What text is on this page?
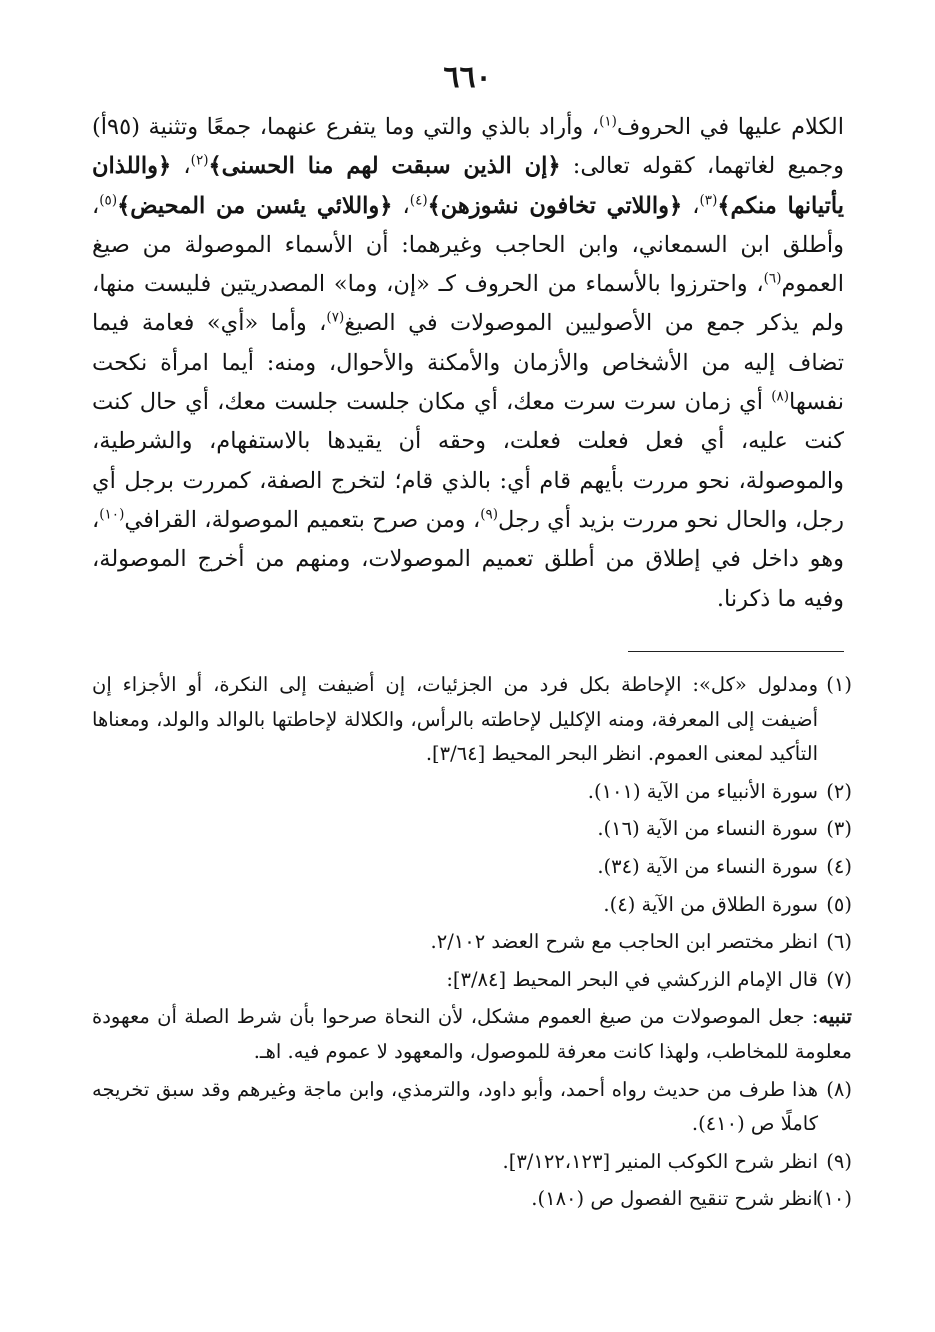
٦٦٠

الكلام عليها في الحروف$^{(١)}$، وأراد بالذي والتي وما يتفرع عنهما، جمعًا وتثنية (٩٥أ) وجميع لغاتهما، كقوله تعالى: ﴿إن الذين سبقت لهم منا الحسنى﴾$^{(٢)}$، ﴿واللذان يأتيانها منكم﴾$^{(٣)}$، ﴿واللاتي تخافون نشوزهن﴾$^{(٤)}$، ﴿واللائي يئسن من المحيض﴾$^{(٥)}$، وأطلق ابن السمعاني، وابن الحاجب وغيرهما: أن الأسماء الموصولة من صيغ العموم$^{(٦)}$، واحترزوا بالأسماء من الحروف كـ «إن، وما» المصدريتين فليست منها، ولم يذكر جمع من الأصوليين الموصولات في الصيغ$^{(٧)}$، وأما «أي» فعامة فيما تضاف إليه من الأشخاص والأزمان والأمكنة والأحوال، ومنه: أيما امرأة نكحت نفسها$^{(٨)}$ أي زمان سرت سرت معك، أي مكان جلست جلست معك، أي حال كنت كنت عليه، أي فعل فعلت فعلت، وحقه أن يقيدها بالاستفهام، والشرطية، والموصولة، نحو مررت بأيهم قام أي: بالذي قام؛ لتخرج الصفة، كمررت برجل أي رجل، والحال نحو مررت بزيد أي رجل$^{(٩)}$، ومن صرح بتعميم الموصولة، القرافي$^{(١٠)}$، وهو داخل في إطلاق من أطلق تعميم الموصولات، ومنهم من أخرج الموصولة، وفيه ما ذكرنا.

(١)ومدلول «كل»: الإحاطة بكل فرد من الجزئيات، إن أضيفت إلى النكرة، أو الأجزاء إن أضيفت إلى المعرفة، ومنه الإكليل لإحاطته بالرأس، والكلالة لإحاطتها بالوالد والولد، ومعناها التأكيد لمعنى العموم. انظر البحر المحيط [٣/٦٤].

(٢)سورة الأنبياء من الآية (١٠١).

(٣)سورة النساء من الآية (١٦).

(٤)سورة النساء من الآية (٣٤).

(٥)سورة الطلاق من الآية (٤).

(٦)انظر مختصر ابن الحاجب مع شرح العضد ٢/١٠٢.

(٧)قال الإمام الزركشي في البحر المحيط [٣/٨٤]:

تنبيه: جعل الموصولات من صيغ العموم مشكل، لأن النحاة صرحوا بأن شرط الصلة أن معهودة معلومة للمخاطب، ولهذا كانت معرفة للموصول، والمعهود لا عموم فيه. اهـ.

(٨)هذا طرف من حديث رواه أحمد، وأبو داود، والترمذي، وابن ماجة وغيرهم وقد سبق تخريجه كاملًا ص (٤١٠).

(٩)انظر شرح الكوكب المنير [٣/١٢٢،١٢٣].

(١٠)انظر شرح تنقيح الفصول ص (١٨٠).
